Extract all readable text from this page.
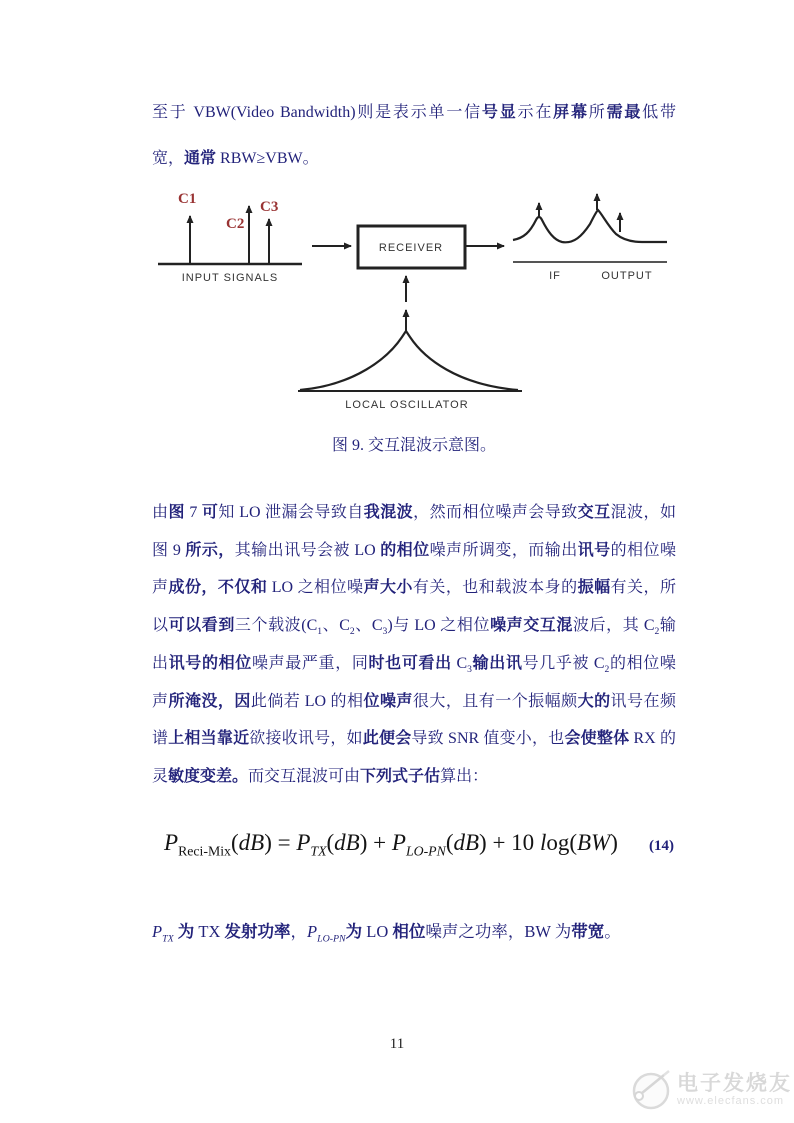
至于 VBW(Video Bandwidth)则是表示单一信号显示在屏幕所需最低带
宽，通常 RBW≥VBW。
C1
C2
C3
INPUT SIGNALS
RECEIVER
IF	OUTPUT
LOCAL OSCILLATOR
图 9. 交互混波示意图。
由图 7 可知 LO 泄漏会导致自我混波，然而相位噪声会导致交互混波，如
图 9 所示，其输出讯号会被 LO 的相位噪声所调变，而输出讯号的相位噪
声成份，不仅和 LO 之相位噪声大小有关，也和载波本身的振幅有关，所
以可以看到三个载波($C_1$、$C_2$、$C_3$)与 LO 之相位噪声交互混波后，其 $C_2$输
出讯号的相位噪声最严重，同时也可看出 $C_3$输出讯号几乎被 $C_2$的相位噪
声所淹没，因此倘若 LO 的相位噪声很大，且有一个振幅颇大的讯号在频
谱上相当靠近欲接收讯号，如此便会导致 SNR 值变小，也会使整体 RX 的
灵敏度变差。而交互混波可由下列式子估算出：
$P_{Reci-Mix}(dB) = P_{TX}(dB) + P_{LO-PN}(dB) + 10$ log(BW) (14)
$P_{TX}$ 为 TX 发射功率，$P_{LO-PN}$为 LO 相位噪声之功率，BW 为带宽。
11
电子发烧友
www.elecfans.com
